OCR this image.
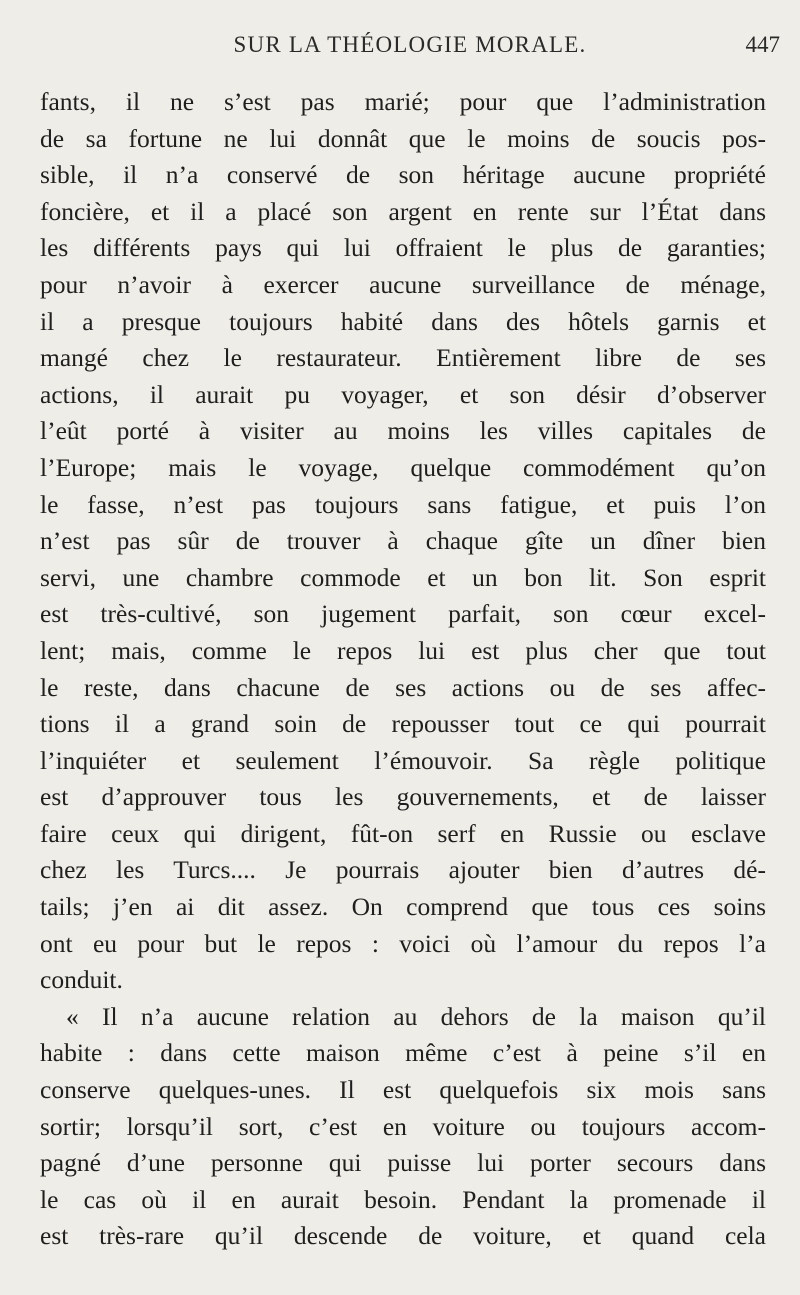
SUR LA THÉOLOGIE MORALE.	447
fants, il ne s’est pas marié; pour que l’administration
de sa fortune ne lui donnât que le moins de soucis pos-
sible, il n’a conservé de son héritage aucune propriété
foncière, et il a placé son argent en rente sur l’État dans
les différents pays qui lui offraient le plus de garanties;
pour n’avoir à exercer aucune surveillance de ménage,
il a presque toujours habité dans des hôtels garnis et
mangé chez le restaurateur. Entièrement libre de ses
actions, il aurait pu voyager, et son désir d’observer
l’eût porté à visiter au moins les villes capitales de
l’Europe; mais le voyage, quelque commodément qu’on
le fasse, n’est pas toujours sans fatigue, et puis l’on
n’est pas sûr de trouver à chaque gîte un dîner bien
servi, une chambre commode et un bon lit. Son esprit
est très-cultivé, son jugement parfait, son cœur excel-
lent; mais, comme le repos lui est plus cher que tout
le reste, dans chacune de ses actions ou de ses affec-
tions il a grand soin de repousser tout ce qui pourrait
l’inquiéter et seulement l’émouvoir. Sa règle politique
est d’approuver tous les gouvernements, et de laisser
faire ceux qui dirigent, fût-on serf en Russie ou esclave
chez les Turcs.... Je pourrais ajouter bien d’autres dé-
tails; j’en ai dit assez. On comprend que tous ces soins
ont eu pour but le repos : voici où l’amour du repos l’a
conduit.
« Il n’a aucune relation au dehors de la maison qu’il
habite : dans cette maison même c’est à peine s’il en
conserve quelques-unes. Il est quelquefois six mois sans
sortir; lorsqu’il sort, c’est en voiture ou toujours accom-
pagné d’une personne qui puisse lui porter secours dans
le cas où il en aurait besoin. Pendant la promenade il
est très-rare qu’il descende de voiture, et quand cela
